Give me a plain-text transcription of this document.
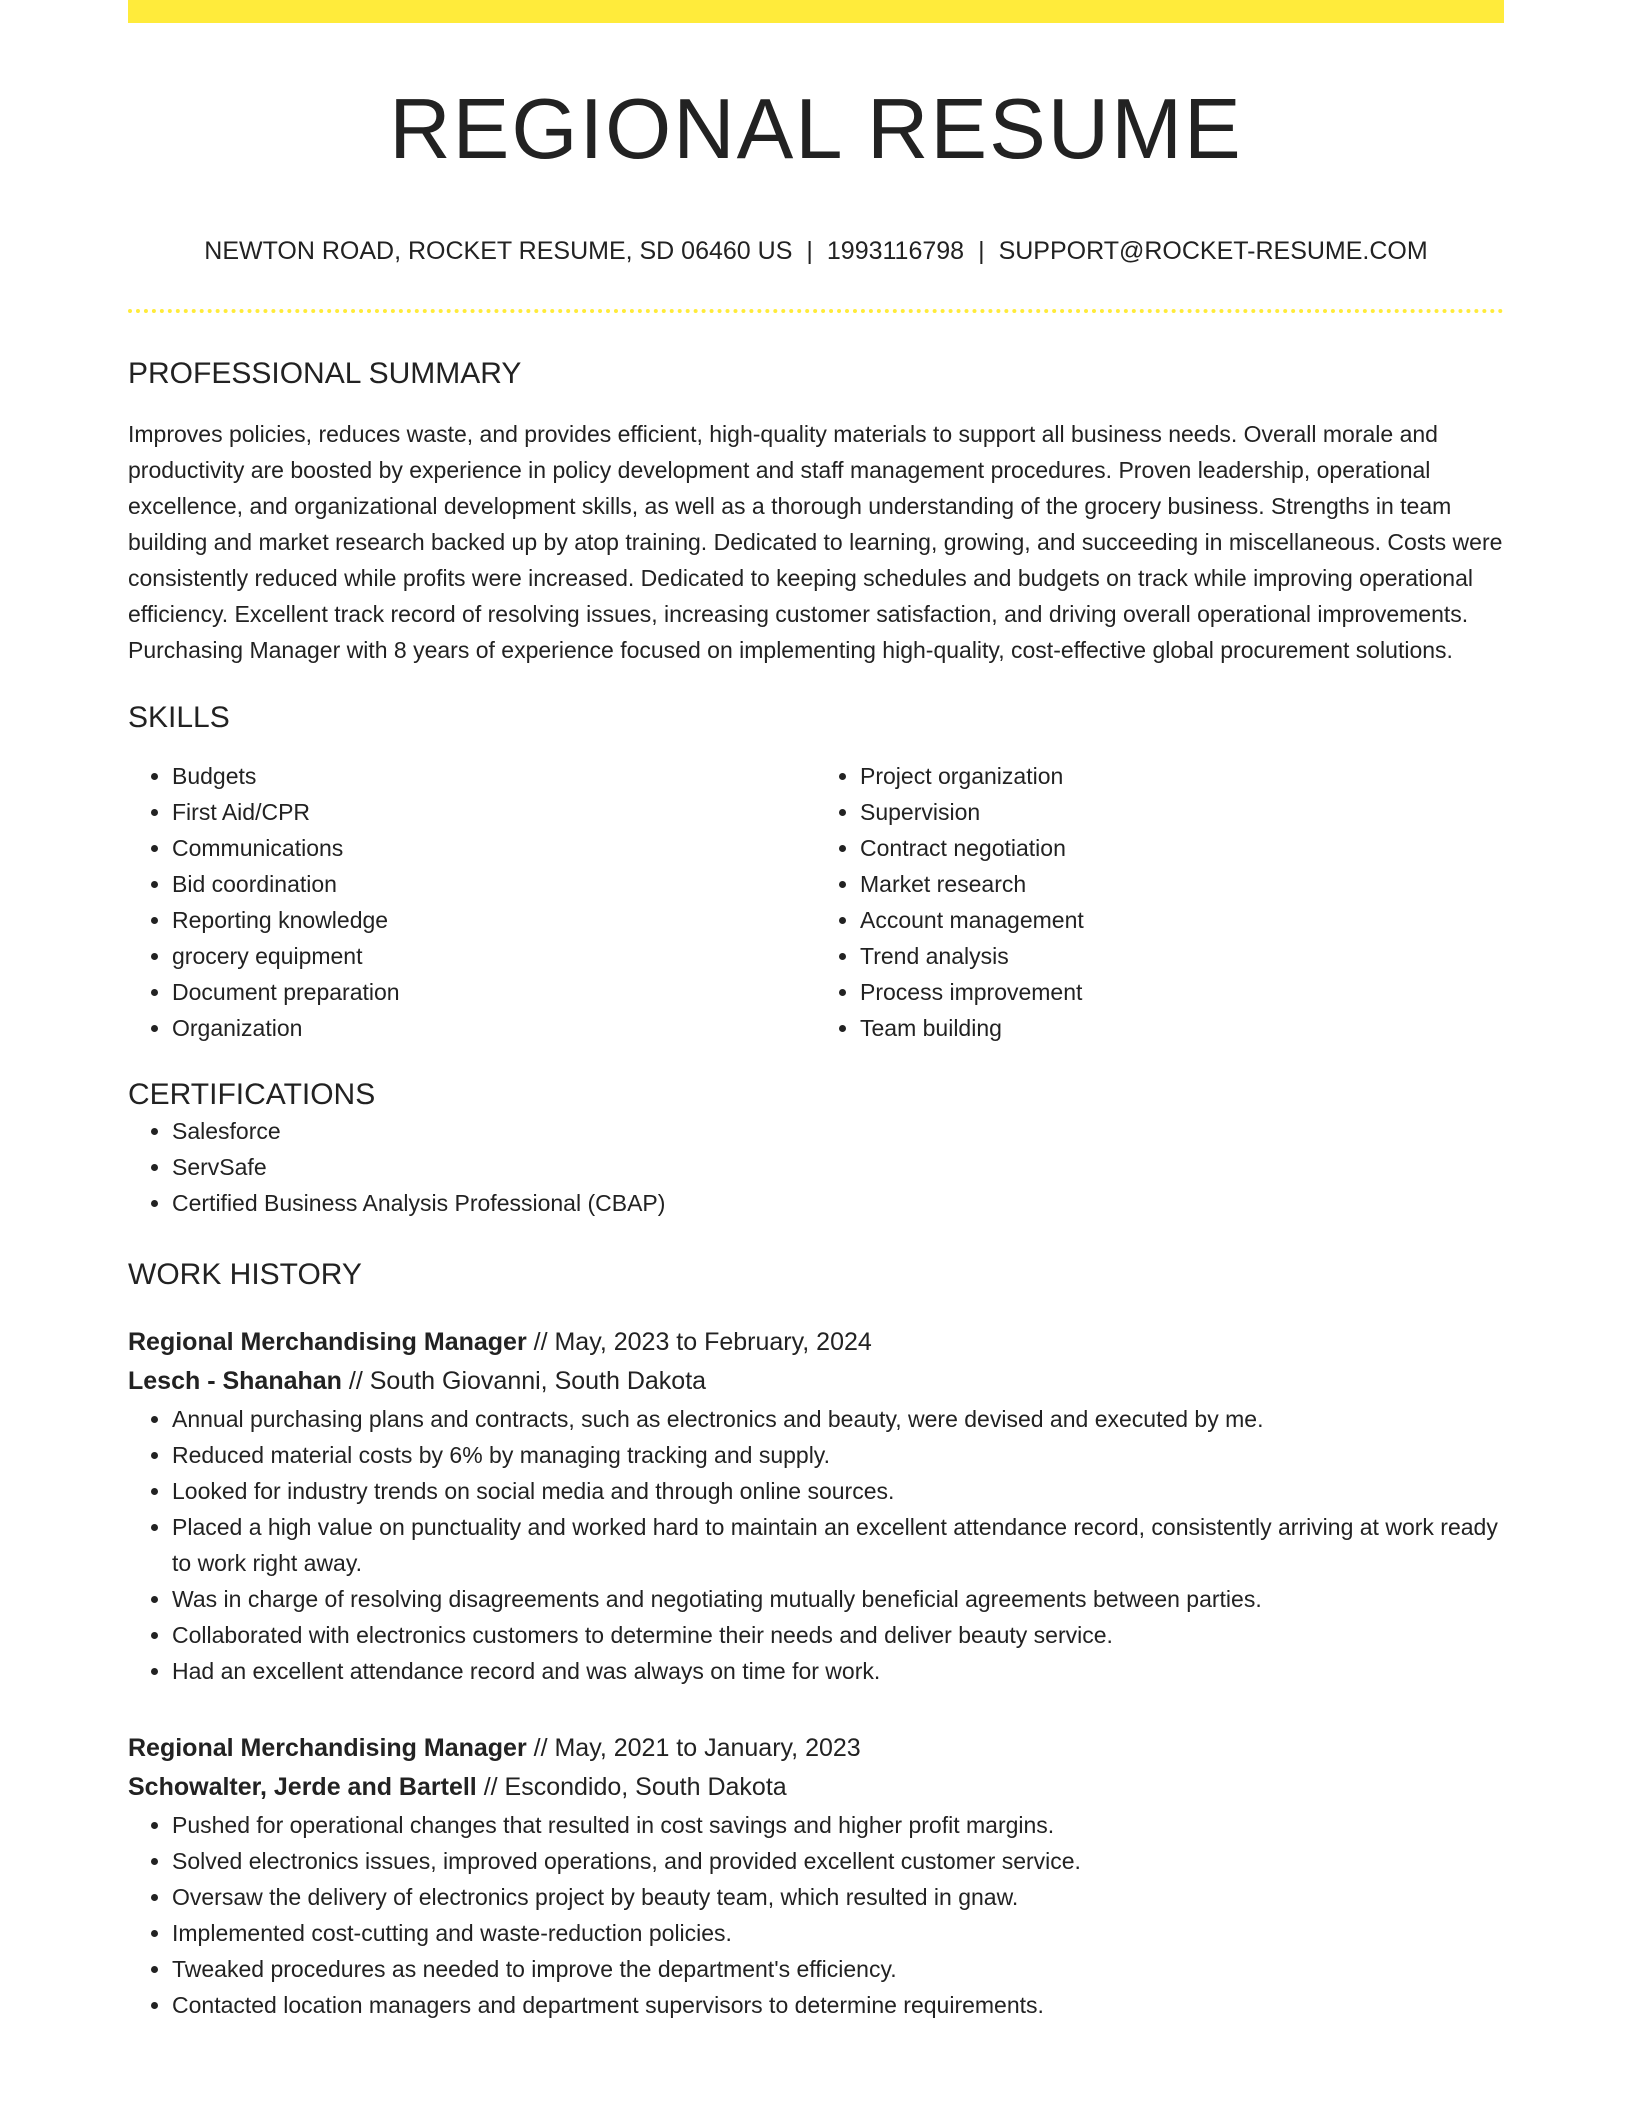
REGIONAL RESUME
NEWTON ROAD, ROCKET RESUME, SD 06460 US | 1993116798 | SUPPORT@ROCKET-RESUME.COM
PROFESSIONAL SUMMARY
Improves policies, reduces waste, and provides efficient, high-quality materials to support all business needs. Overall morale and productivity are boosted by experience in policy development and staff management procedures. Proven leadership, operational excellence, and organizational development skills, as well as a thorough understanding of the grocery business. Strengths in team building and market research backed up by atop training. Dedicated to learning, growing, and succeeding in miscellaneous. Costs were consistently reduced while profits were increased. Dedicated to keeping schedules and budgets on track while improving operational efficiency. Excellent track record of resolving issues, increasing customer satisfaction, and driving overall operational improvements. Purchasing Manager with 8 years of experience focused on implementing high-quality, cost-effective global procurement solutions.
SKILLS
• Budgets
• First Aid/CPR
• Communications
• Bid coordination
• Reporting knowledge
• grocery equipment
• Document preparation
• Organization
• Project organization
• Supervision
• Contract negotiation
• Market research
• Account management
• Trend analysis
• Process improvement
• Team building
CERTIFICATIONS
• Salesforce
• ServSafe
• Certified Business Analysis Professional (CBAP)
WORK HISTORY
Regional Merchandising Manager // May, 2023 to February, 2024
Lesch - Shanahan // South Giovanni, South Dakota
• Annual purchasing plans and contracts, such as electronics and beauty, were devised and executed by me.
• Reduced material costs by 6% by managing tracking and supply.
• Looked for industry trends on social media and through online sources.
• Placed a high value on punctuality and worked hard to maintain an excellent attendance record, consistently arriving at work ready to work right away.
• Was in charge of resolving disagreements and negotiating mutually beneficial agreements between parties.
• Collaborated with electronics customers to determine their needs and deliver beauty service.
• Had an excellent attendance record and was always on time for work.
Regional Merchandising Manager // May, 2021 to January, 2023
Schowalter, Jerde and Bartell // Escondido, South Dakota
• Pushed for operational changes that resulted in cost savings and higher profit margins.
• Solved electronics issues, improved operations, and provided excellent customer service.
• Oversaw the delivery of electronics project by beauty team, which resulted in gnaw.
• Implemented cost-cutting and waste-reduction policies.
• Tweaked procedures as needed to improve the department's efficiency.
• Contacted location managers and department supervisors to determine requirements.
